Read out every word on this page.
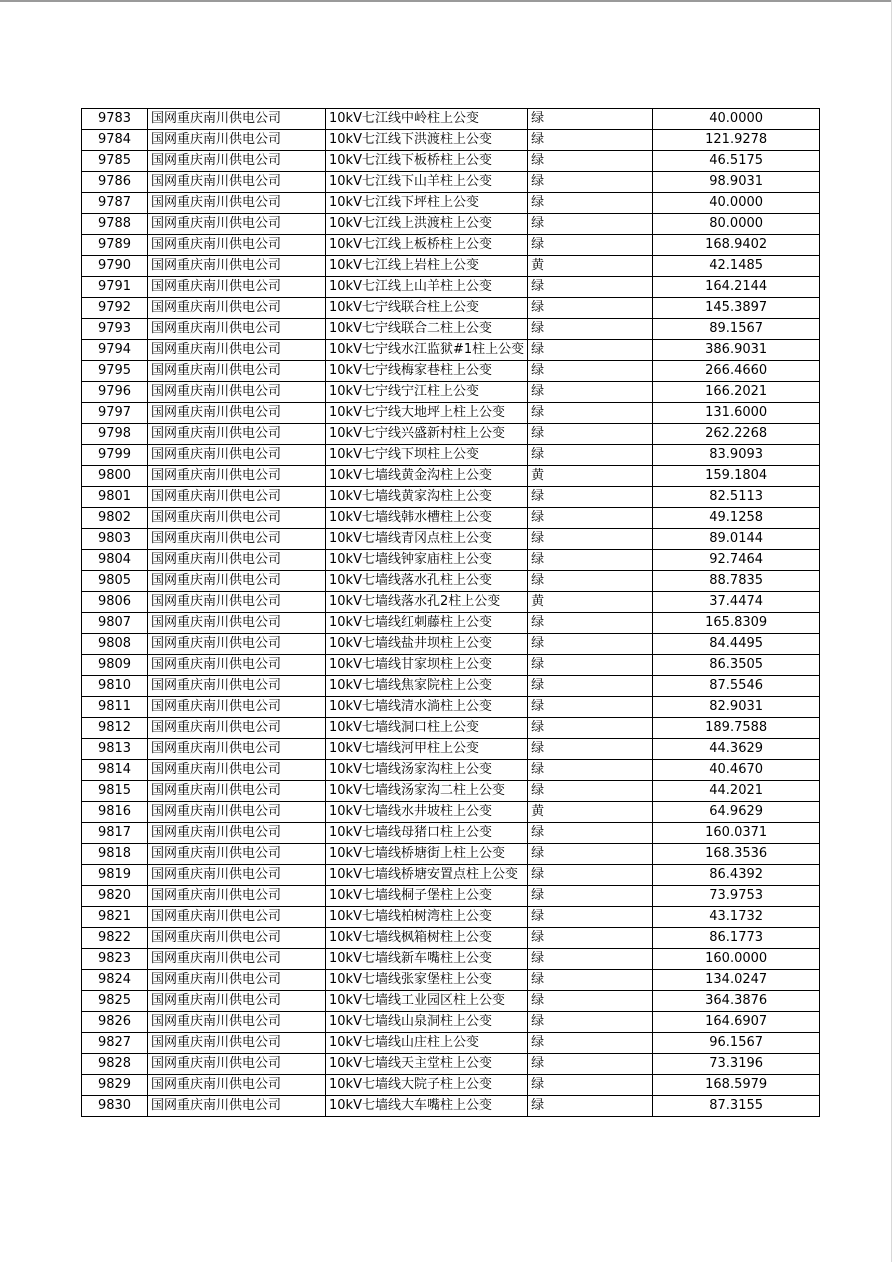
9783	国网重庆南川供电公司	10kV七江线中岭柱上公变	绿	40.0000
9784	国网重庆南川供电公司	10kV七江线下洪渡柱上公变	绿	121.9278
9785	国网重庆南川供电公司	10kV七江线下板桥柱上公变	绿	46.5175
9786	国网重庆南川供电公司	10kV七江线下山羊柱上公变	绿	98.9031
9787	国网重庆南川供电公司	10kV七江线下坪柱上公变	绿	40.0000
9788	国网重庆南川供电公司	10kV七江线上洪渡柱上公变	绿	80.0000
9789	国网重庆南川供电公司	10kV七江线上板桥柱上公变	绿	168.9402
9790	国网重庆南川供电公司	10kV七江线上岩柱上公变	黄	42.1485
9791	国网重庆南川供电公司	10kV七江线上山羊柱上公变	绿	164.2144
9792	国网重庆南川供电公司	10kV七宁线联合柱上公变	绿	145.3897
9793	国网重庆南川供电公司	10kV七宁线联合二柱上公变	绿	89.1567
9794	国网重庆南川供电公司	10kV七宁线水江监狱#1柱上公变	绿	386.9031
9795	国网重庆南川供电公司	10kV七宁线梅家巷柱上公变	绿	266.4660
9796	国网重庆南川供电公司	10kV七宁线宁江柱上公变	绿	166.2021
9797	国网重庆南川供电公司	10kV七宁线大地坪上柱上公变	绿	131.6000
9798	国网重庆南川供电公司	10kV七宁线兴盛新村柱上公变	绿	262.2268
9799	国网重庆南川供电公司	10kV七宁线下坝柱上公变	绿	83.9093
9800	国网重庆南川供电公司	10kV七墙线黄金沟柱上公变	黄	159.1804
9801	国网重庆南川供电公司	10kV七墙线黄家沟柱上公变	绿	82.5113
9802	国网重庆南川供电公司	10kV七墙线韩水槽柱上公变	绿	49.1258
9803	国网重庆南川供电公司	10kV七墙线青冈点柱上公变	绿	89.0144
9804	国网重庆南川供电公司	10kV七墙线钟家庙柱上公变	绿	92.7464
9805	国网重庆南川供电公司	10kV七墙线落水孔柱上公变	绿	88.7835
9806	国网重庆南川供电公司	10kV七墙线落水孔2柱上公变	黄	37.4474
9807	国网重庆南川供电公司	10kV七墙线红刺藤柱上公变	绿	165.8309
9808	国网重庆南川供电公司	10kV七墙线盐井坝柱上公变	绿	84.4495
9809	国网重庆南川供电公司	10kV七墙线甘家坝柱上公变	绿	86.3505
9810	国网重庆南川供电公司	10kV七墙线焦家院柱上公变	绿	87.5546
9811	国网重庆南川供电公司	10kV七墙线清水淌柱上公变	绿	82.9031
9812	国网重庆南川供电公司	10kV七墙线洞口柱上公变	绿	189.7588
9813	国网重庆南川供电公司	10kV七墙线河甲柱上公变	绿	44.3629
9814	国网重庆南川供电公司	10kV七墙线汤家沟柱上公变	绿	40.4670
9815	国网重庆南川供电公司	10kV七墙线汤家沟二柱上公变	绿	44.2021
9816	国网重庆南川供电公司	10kV七墙线水井坡柱上公变	黄	64.9629
9817	国网重庆南川供电公司	10kV七墙线母猪口柱上公变	绿	160.0371
9818	国网重庆南川供电公司	10kV七墙线桥塘街上柱上公变	绿	168.3536
9819	国网重庆南川供电公司	10kV七墙线桥塘安置点柱上公变	绿	86.4392
9820	国网重庆南川供电公司	10kV七墙线桐子堡柱上公变	绿	73.9753
9821	国网重庆南川供电公司	10kV七墙线柏树湾柱上公变	绿	43.1732
9822	国网重庆南川供电公司	10kV七墙线枫箱树柱上公变	绿	86.1773
9823	国网重庆南川供电公司	10kV七墙线新车嘴柱上公变	绿	160.0000
9824	国网重庆南川供电公司	10kV七墙线张家堡柱上公变	绿	134.0247
9825	国网重庆南川供电公司	10kV七墙线工业园区柱上公变	绿	364.3876
9826	国网重庆南川供电公司	10kV七墙线山泉洞柱上公变	绿	164.6907
9827	国网重庆南川供电公司	10kV七墙线山庄柱上公变	绿	96.1567
9828	国网重庆南川供电公司	10kV七墙线天主堂柱上公变	绿	73.3196
9829	国网重庆南川供电公司	10kV七墙线大院子柱上公变	绿	168.5979
9830	国网重庆南川供电公司	10kV七墙线大车嘴柱上公变	绿	87.3155
